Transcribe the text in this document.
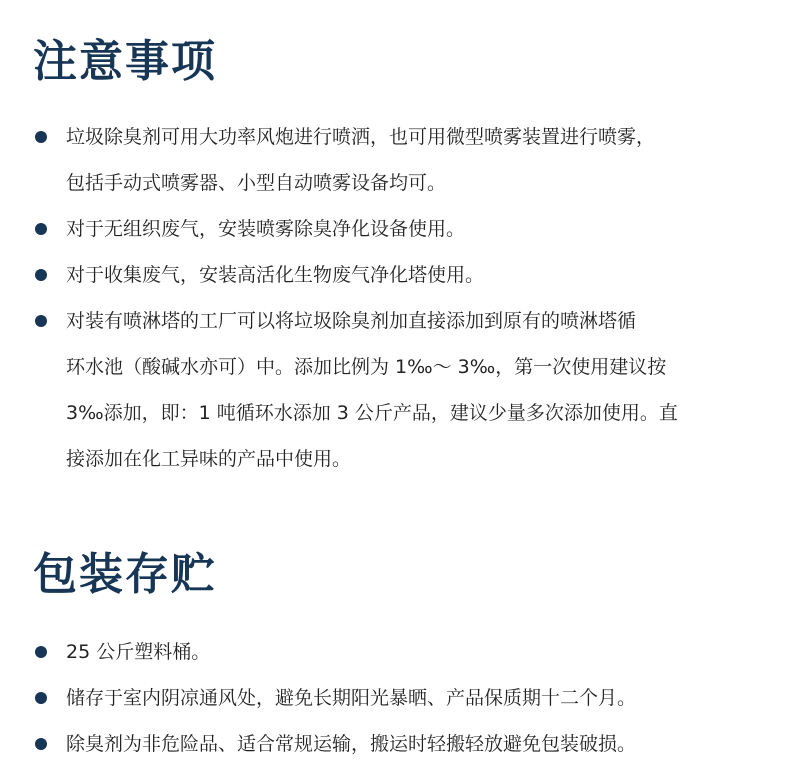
注意事项
垃圾除臭剂可用大功率风炮进行喷洒，也可用微型喷雾装置进行喷雾，
包括手动式喷雾器、小型自动喷雾设备均可。
对于无组织废气，安装喷雾除臭净化设备使用。
对于收集废气，安装高活化生物废气净化塔使用。
对装有喷淋塔的工厂可以将垃圾除臭剂加直接添加到原有的喷淋塔循
环水池（酸碱水亦可）中。添加比例为 1‰～ 3‰，第一次使用建议按
3‰添加，即：1 吨循环水添加 3 公斤产品，建议少量多次添加使用。直
接添加在化工异味的产品中使用。
包装存贮
25 公斤塑料桶。
储存于室内阴凉通风处，避免长期阳光暴晒、产品保质期十二个月。
除臭剂为非危险品、适合常规运输，搬运时轻搬轻放避免包装破损。
